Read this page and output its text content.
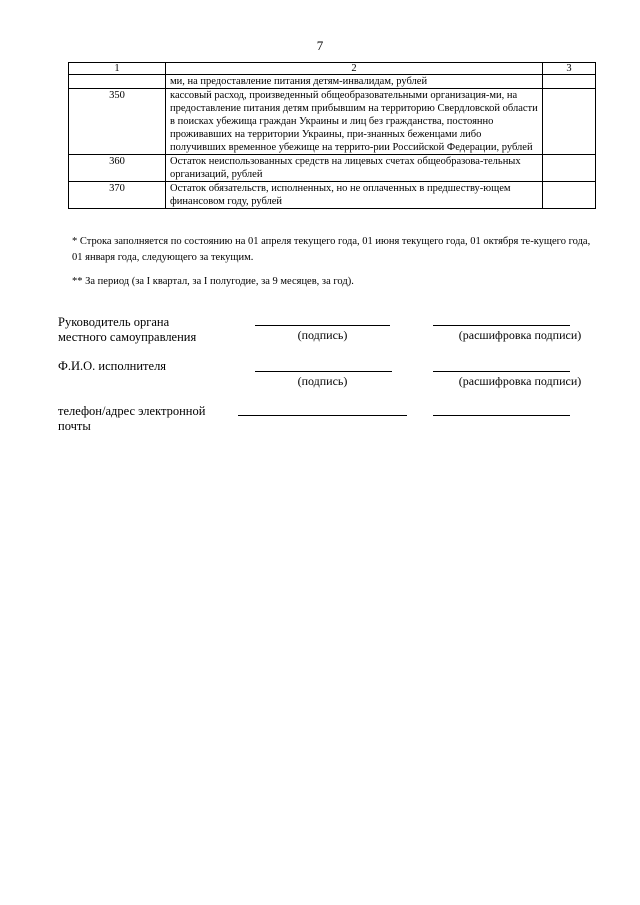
7
1	2	3
	ми, на предоставление питания детям-инвалидам, рублей	
350	кассовый расход, произведенный общеобразовательными организация-ми, на предоставление питания детям прибывшим на территорию Свердловской области в поисках убежища граждан Украины и лиц без гражданства, постоянно проживавших на территории Украины, при-знанных беженцами либо получивших временное убежище на террито-рии Российской Федерации, рублей	
360	Остаток неиспользованных средств на лицевых счетах общеобразова-тельных организаций, рублей	
370	Остаток обязательств, исполненных, но не оплаченных в предшеству-ющем финансовом году, рублей	
* Строка заполняется по состоянию на 01 апреля текущего года, 01 июня текущего года, 01 октября те-кущего года, 01 января года, следующего за текущим.
** За период (за I квартал, за I полугодие, за 9 месяцев, за год).
Руководитель органа
местного самоуправления	(подпись)	(расшифровка подписи)
Ф.И.О. исполнителя
(подпись)	(расшифровка подписи)
телефон/адрес электронной
почты
